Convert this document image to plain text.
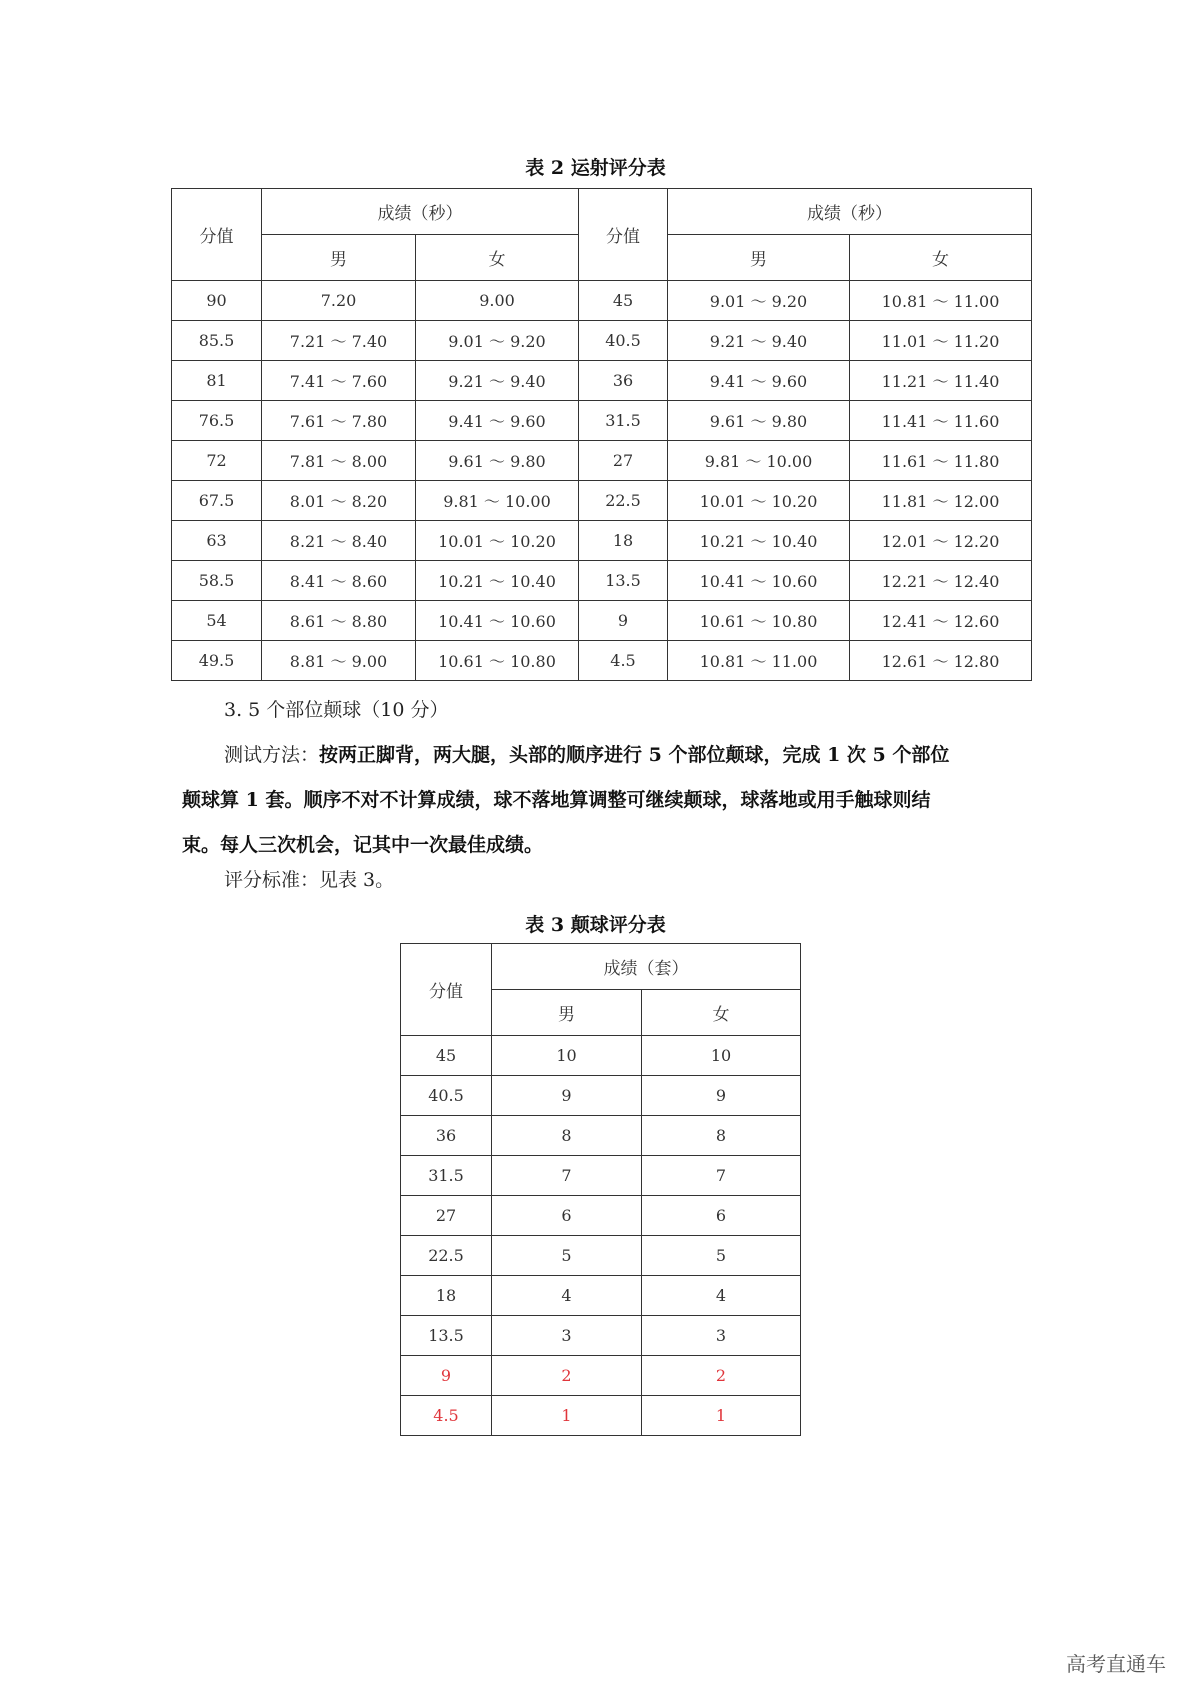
表 2 运射评分表
分值	成绩（秒）		分值	成绩（秒）	
	男	女		男	女
90	7.20	9.00	45	9.01 ～ 9.20	10.81 ～ 11.00
85.5	7.21 ～ 7.40	9.01 ～ 9.20	40.5	9.21 ～ 9.40	11.01 ～ 11.20
81	7.41 ～ 7.60	9.21 ～ 9.40	36	9.41 ～ 9.60	11.21 ～ 11.40
76.5	7.61 ～ 7.80	9.41 ～ 9.60	31.5	9.61 ～ 9.80	11.41 ～ 11.60
72	7.81 ～ 8.00	9.61 ～ 9.80	27	9.81 ～ 10.00	11.61 ～ 11.80
67.5	8.01 ～ 8.20	9.81 ～ 10.00	22.5	10.01 ～ 10.20	11.81 ～ 12.00
63	8.21 ～ 8.40	10.01 ～ 10.20	18	10.21 ～ 10.40	12.01 ～ 12.20
58.5	8.41 ～ 8.60	10.21 ～ 10.40	13.5	10.41 ～ 10.60	12.21 ～ 12.40
54	8.61 ～ 8.80	10.41 ～ 10.60	9	10.61 ～ 10.80	12.41 ～ 12.60
49.5	8.81 ～ 9.00	10.61 ～ 10.80	4.5	10.81 ～ 11.00	12.61 ～ 12.80
3. 5 个部位颠球（10 分）
测试方法：按两正脚背，两大腿，头部的顺序进行 5 个部位颠球，完成 1 次 5 个部位
颠球算 1 套。顺序不对不计算成绩，球不落地算调整可继续颠球，球落地或用手触球则结
束。每人三次机会，记其中一次最佳成绩。
评分标准：见表 3。
表 3 颠球评分表
分值	成绩（套）	
	男	女
45	10	10
40.5	9	9
36	8	8
31.5	7	7
27	6	6
22.5	5	5
18	4	4
13.5	3	3
9	2	2
4.5	1	1
高考直通车
